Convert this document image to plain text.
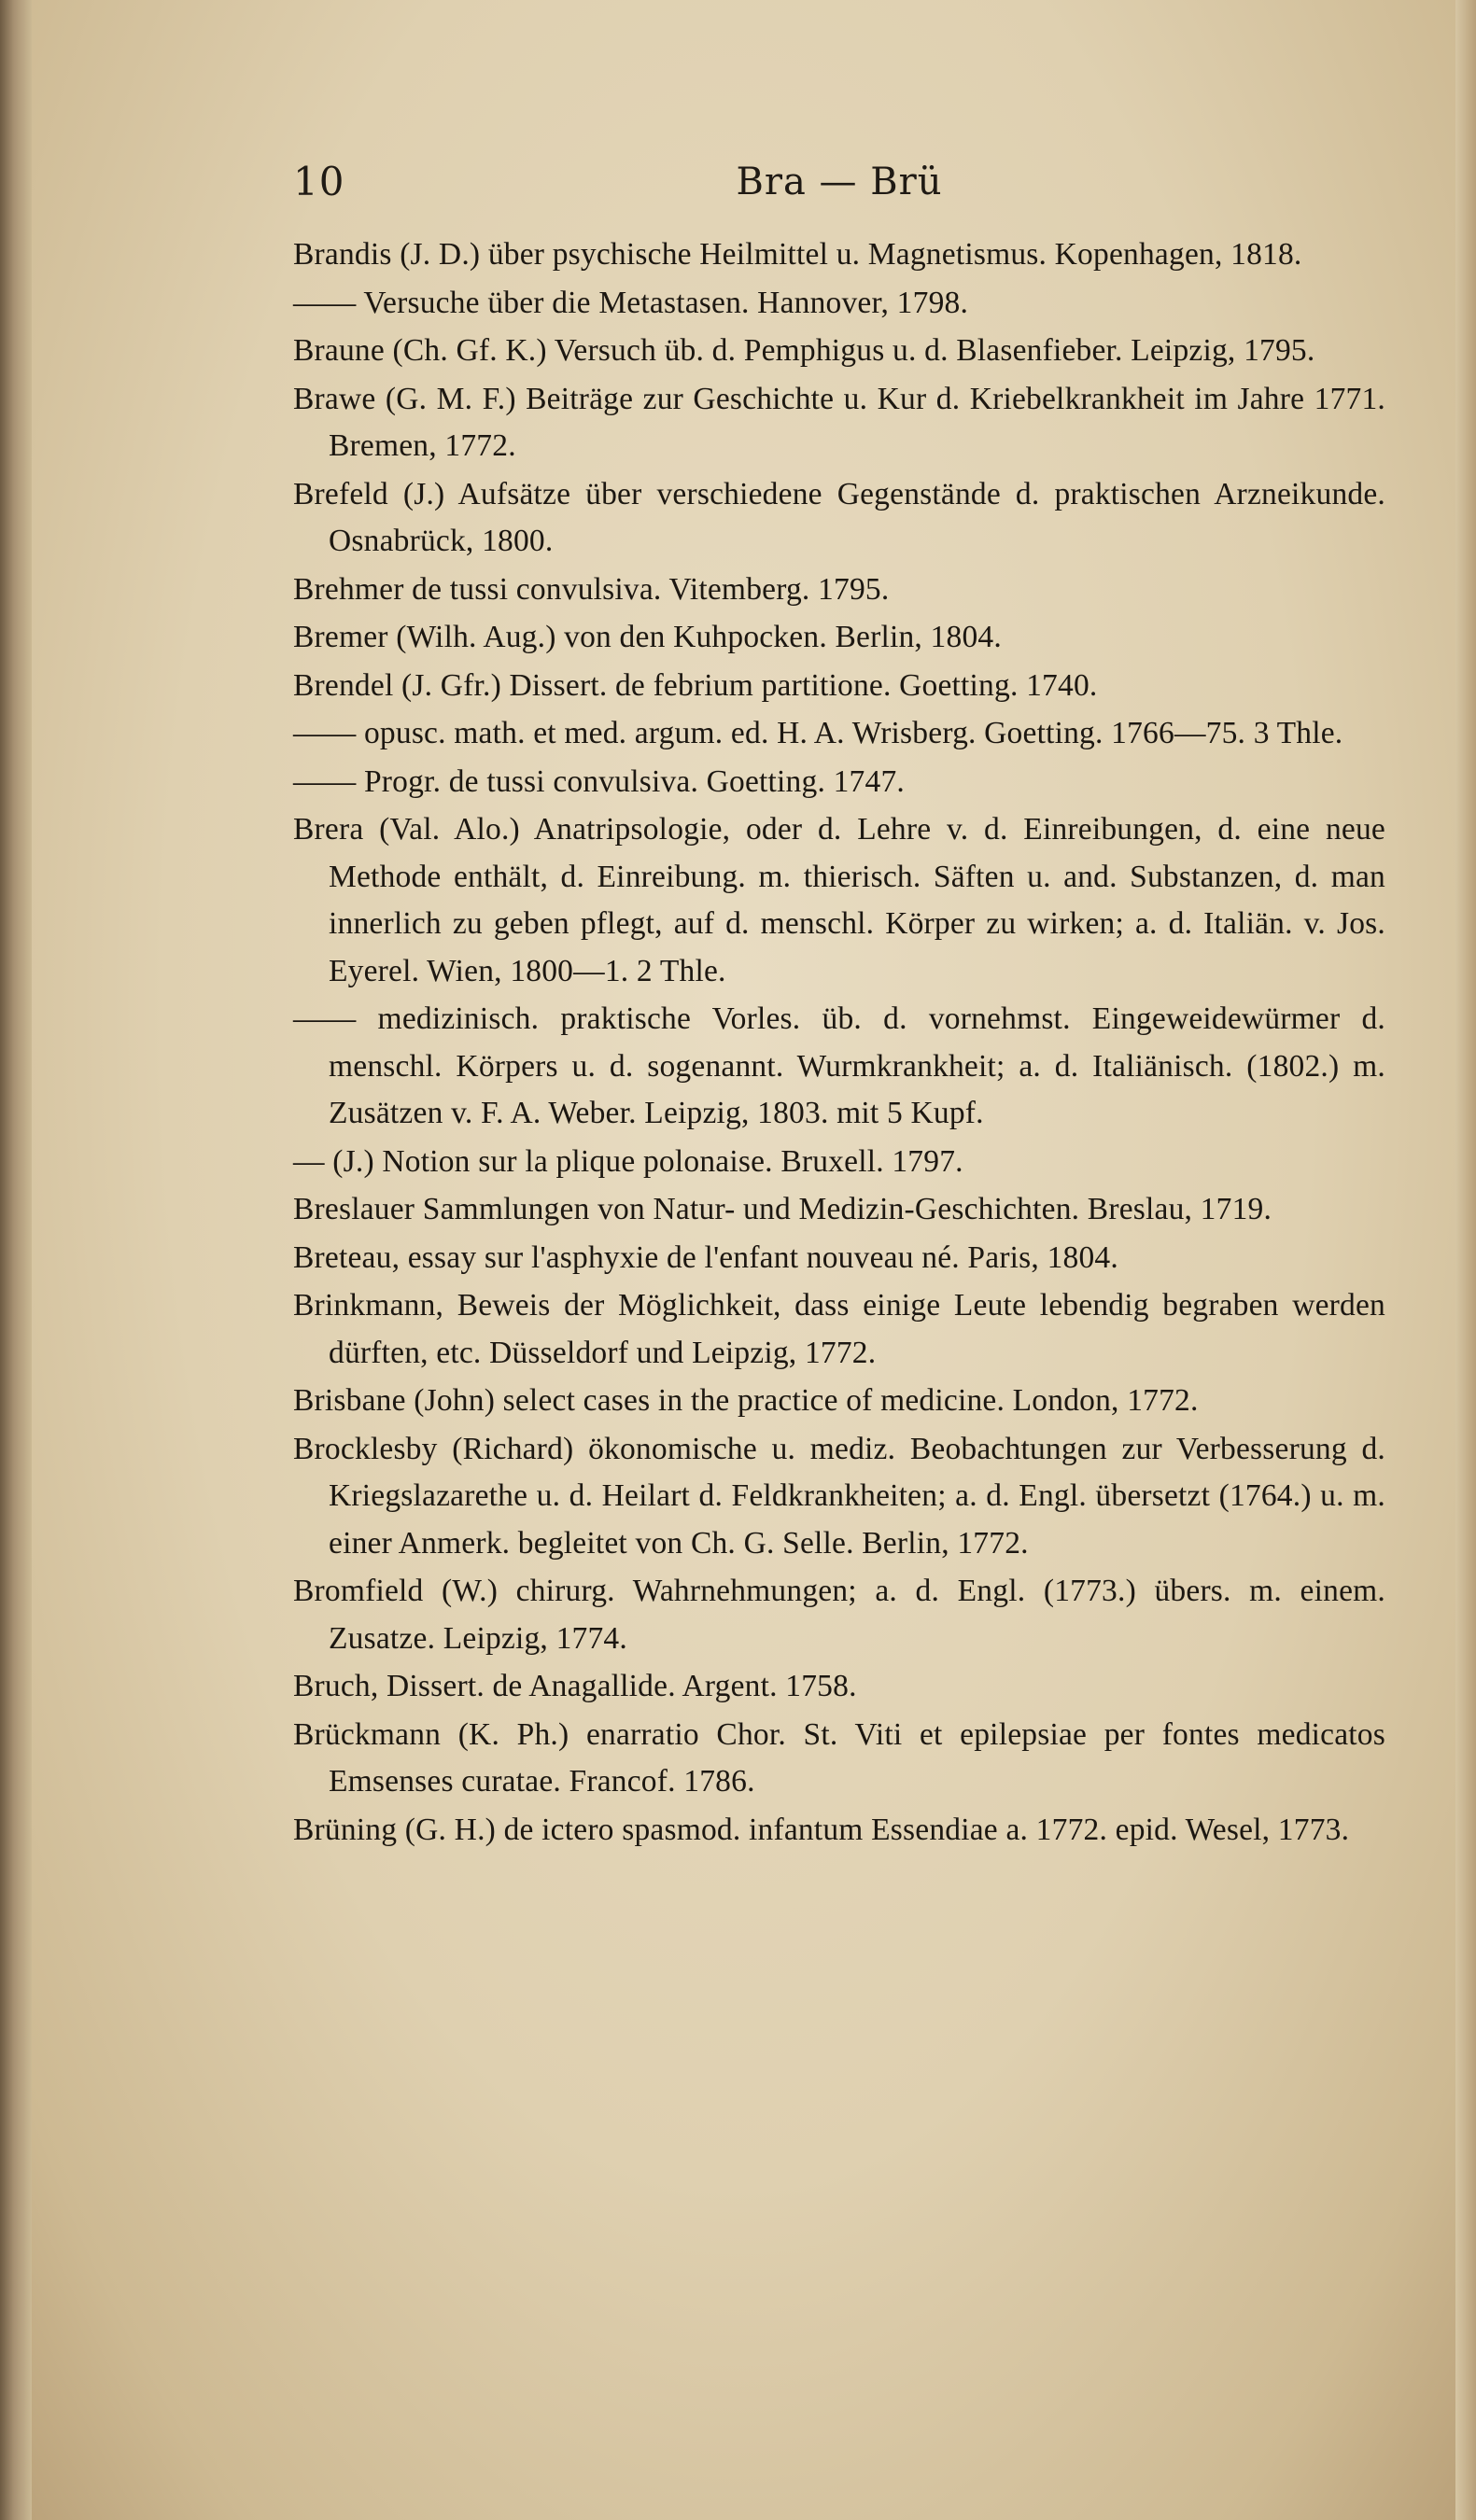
10	Bra — Brü

Brandis (J. D.) über psychische Heilmittel u. Magnetismus. Kopenhagen, 1818.

—— Versuche über die Metastasen. Hannover, 1798.

Braune (Ch. Gf. K.) Versuch üb. d. Pemphigus u. d. Blasenfieber. Leipzig, 1795.

Brawe (G. M. F.) Beiträge zur Geschichte u. Kur d. Kriebelkrankheit im Jahre 1771. Bremen, 1772.

Brefeld (J.) Aufsätze über verschiedene Gegenstände d. praktischen Arzneikunde. Osnabrück, 1800.

Brehmer de tussi convulsiva. Vitemberg. 1795.

Bremer (Wilh. Aug.) von den Kuhpocken. Berlin, 1804.

Brendel (J. Gfr.) Dissert. de febrium partitione. Goetting. 1740.

—— opusc. math. et med. argum. ed. H. A. Wrisberg. Goetting. 1766—75. 3 Thle.

—— Progr. de tussi convulsiva. Goetting. 1747.

Brera (Val. Alo.) Anatripsologie, oder d. Lehre v. d. Einreibungen, d. eine neue Methode enthält, d. Einreibung. m. thierisch. Säften u. and. Substanzen, d. man innerlich zu geben pflegt, auf d. menschl. Körper zu wirken; a. d. Italiän. v. Jos. Eyerel. Wien, 1800—1. 2 Thle.

—— medizinisch. praktische Vorles. üb. d. vornehmst. Eingeweidewürmer d. menschl. Körpers u. d. sogenannt. Wurmkrankheit; a. d. Italiänisch. (1802.) m. Zusätzen v. F. A. Weber. Leipzig, 1803. mit 5 Kupf.

— (J.) Notion sur la plique polonaise. Bruxell. 1797.

Breslauer Sammlungen von Natur- und Medizin-Geschichten. Breslau, 1719.

Breteau, essay sur l'asphyxie de l'enfant nouveau né. Paris, 1804.

Brinkmann, Beweis der Möglichkeit, dass einige Leute lebendig begraben werden dürften, etc. Düsseldorf und Leipzig, 1772.

Brisbane (John) select cases in the practice of medicine. London, 1772.

Brocklesby (Richard) ökonomische u. mediz. Beobachtungen zur Verbesserung d. Kriegslazarethe u. d. Heilart d. Feldkrankheiten; a. d. Engl. übersetzt (1764.) u. m. einer Anmerk. begleitet von Ch. G. Selle. Berlin, 1772.

Bromfield (W.) chirurg. Wahrnehmungen; a. d. Engl. (1773.) übers. m. einem. Zusatze. Leipzig, 1774.

Bruch, Dissert. de Anagallide. Argent. 1758.

Brückmann (K. Ph.) enarratio Chor. St. Viti et epilepsiae per fontes medicatos Emsenses curatae. Francof. 1786.

Brüning (G. H.) de ictero spasmod. infantum Essendiae a. 1772. epid. Wesel, 1773.
